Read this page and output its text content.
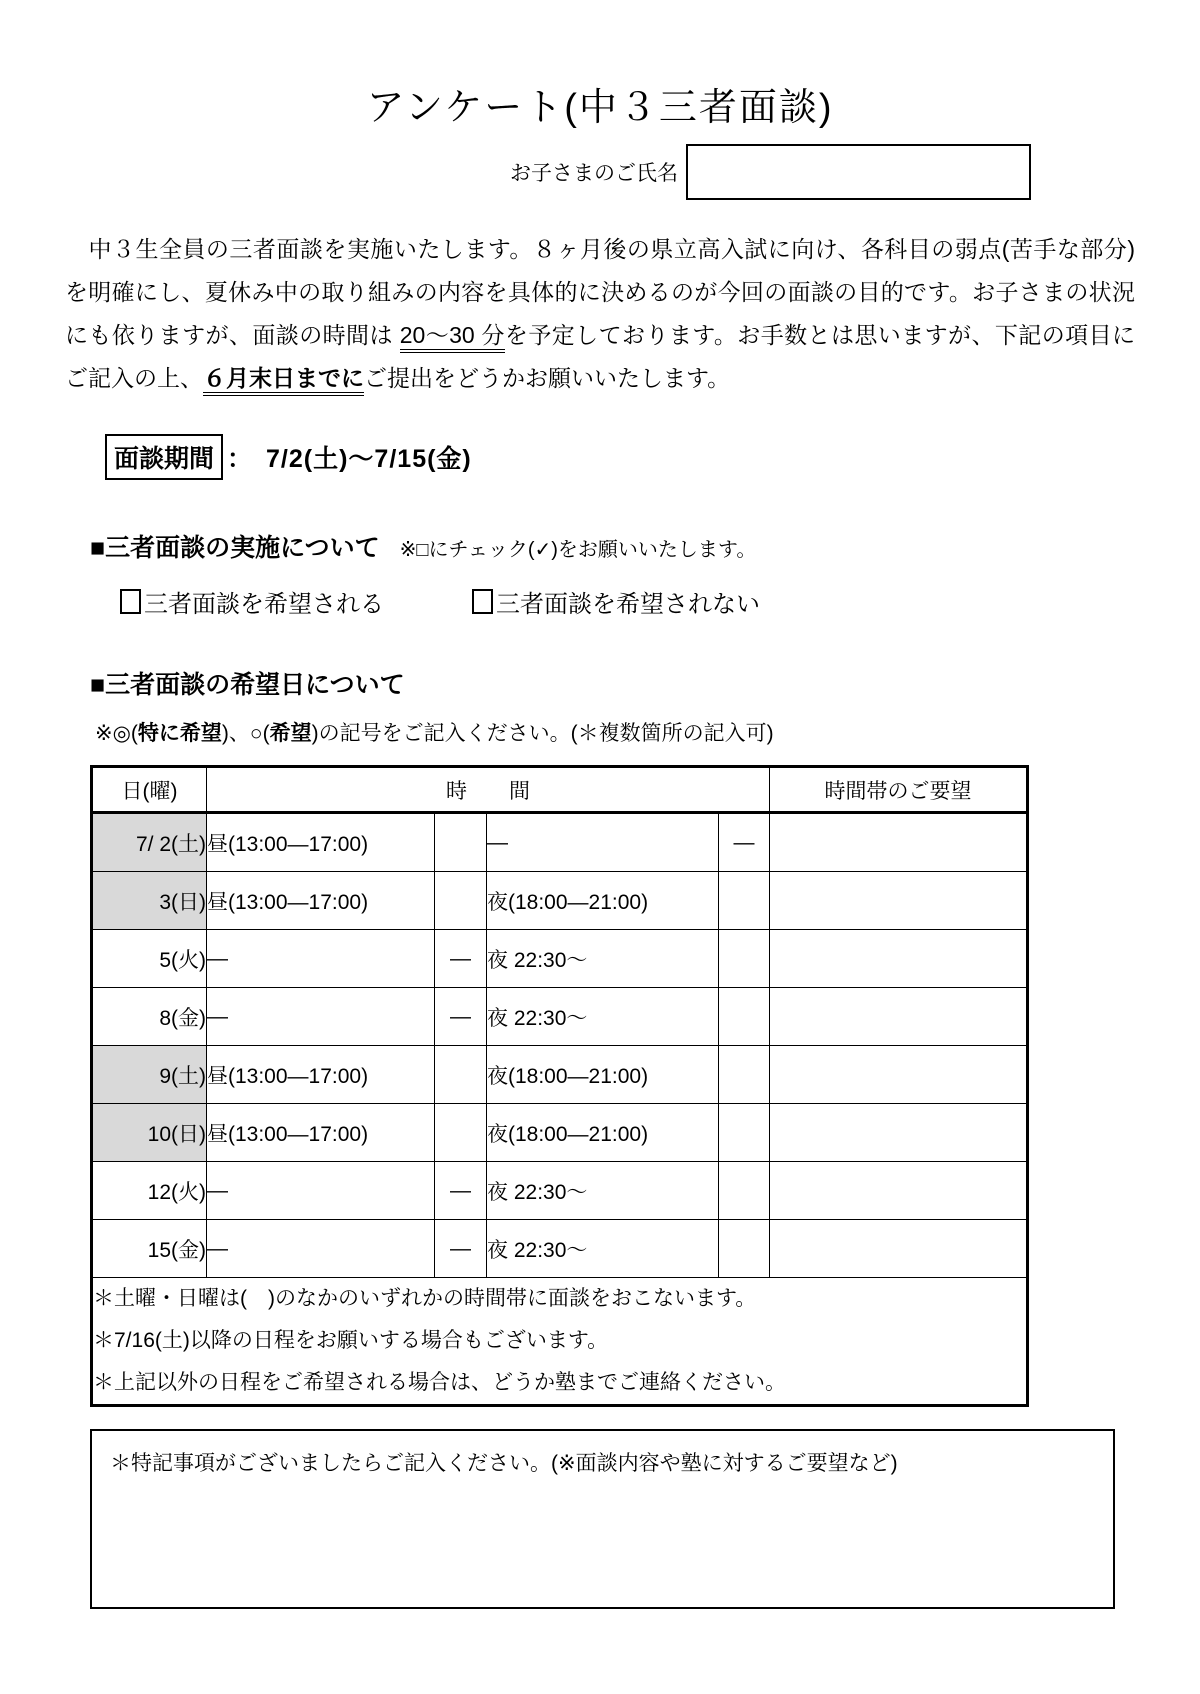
アンケート(中３三者面談)
お子さまのご氏名

　中３生全員の三者面談を実施いたします。８ヶ月後の県立高入試に向け、各科目の弱点(苦手な部分)を明確にし、夏休み中の取り組みの内容を具体的に決めるのが今回の面談の目的です。お子さまの状況にも依りますが、面談の時間は 20～30 分を予定しております。お手数とは思いますが、下記の項目にご記入の上、６月末日までにご提出をどうかお願いいたします。

面談期間 ： 7/2(土)～7/15(金)
■三者面談の実施について ※□にチェック(✓)をお願いいたします。
三者面談を希望される	三者面談を希望されない
■三者面談の希望日について
※◎(特に希望)、○(希望)の記号をご記入ください。(＊複数箇所の記入可)
日(曜)	時　　間				時間帯のご要望
7/ 2(土)	昼(13:00—17:00)		—	—	
3(日)	昼(13:00—17:00)		夜(18:00—21:00)		
5(火)	—	—	夜 22:30～		
8(金)	—	—	夜 22:30～		
9(土)	昼(13:00—17:00)		夜(18:00—21:00)		
10(日)	昼(13:00—17:00)		夜(18:00—21:00)		
12(火)	—	—	夜 22:30～		
15(金)	—	—	夜 22:30～		

＊土曜・日曜は(　)のなかのいずれかの時間帯に面談をおこないます。
＊7/16(土)以降の日程をお願いする場合もございます。
＊上記以外の日程をご希望される場合は、どうか塾までご連絡ください。					
＊特記事項がございましたらご記入ください。(※面談内容や塾に対するご要望など)
